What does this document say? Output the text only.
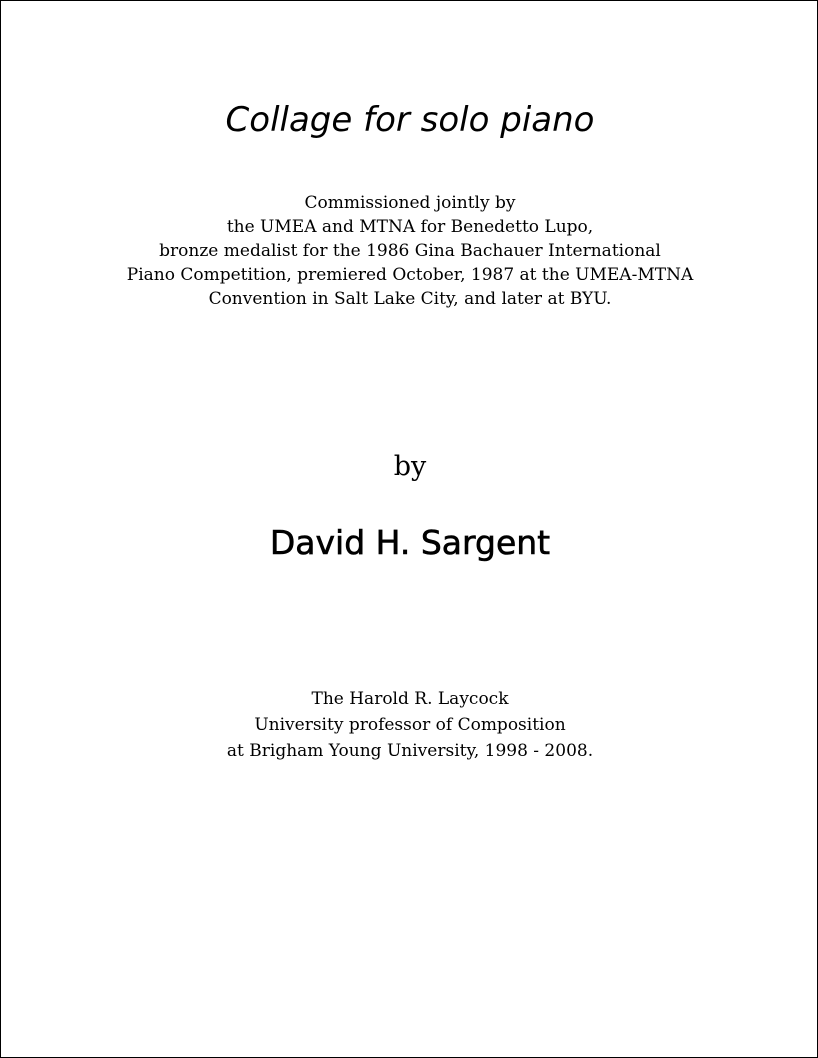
Collage for solo piano
Commissioned jointly by
the UMEA and MTNA for Benedetto Lupo,
bronze medalist for the 1986 Gina Bachauer International
Piano Competition, premiered October, 1987 at the UMEA-MTNA
Convention in Salt Lake City, and later at BYU.
by
David H. Sargent
The Harold R. Laycock
University professor of Composition
at Brigham Young University, 1998 - 2008.
